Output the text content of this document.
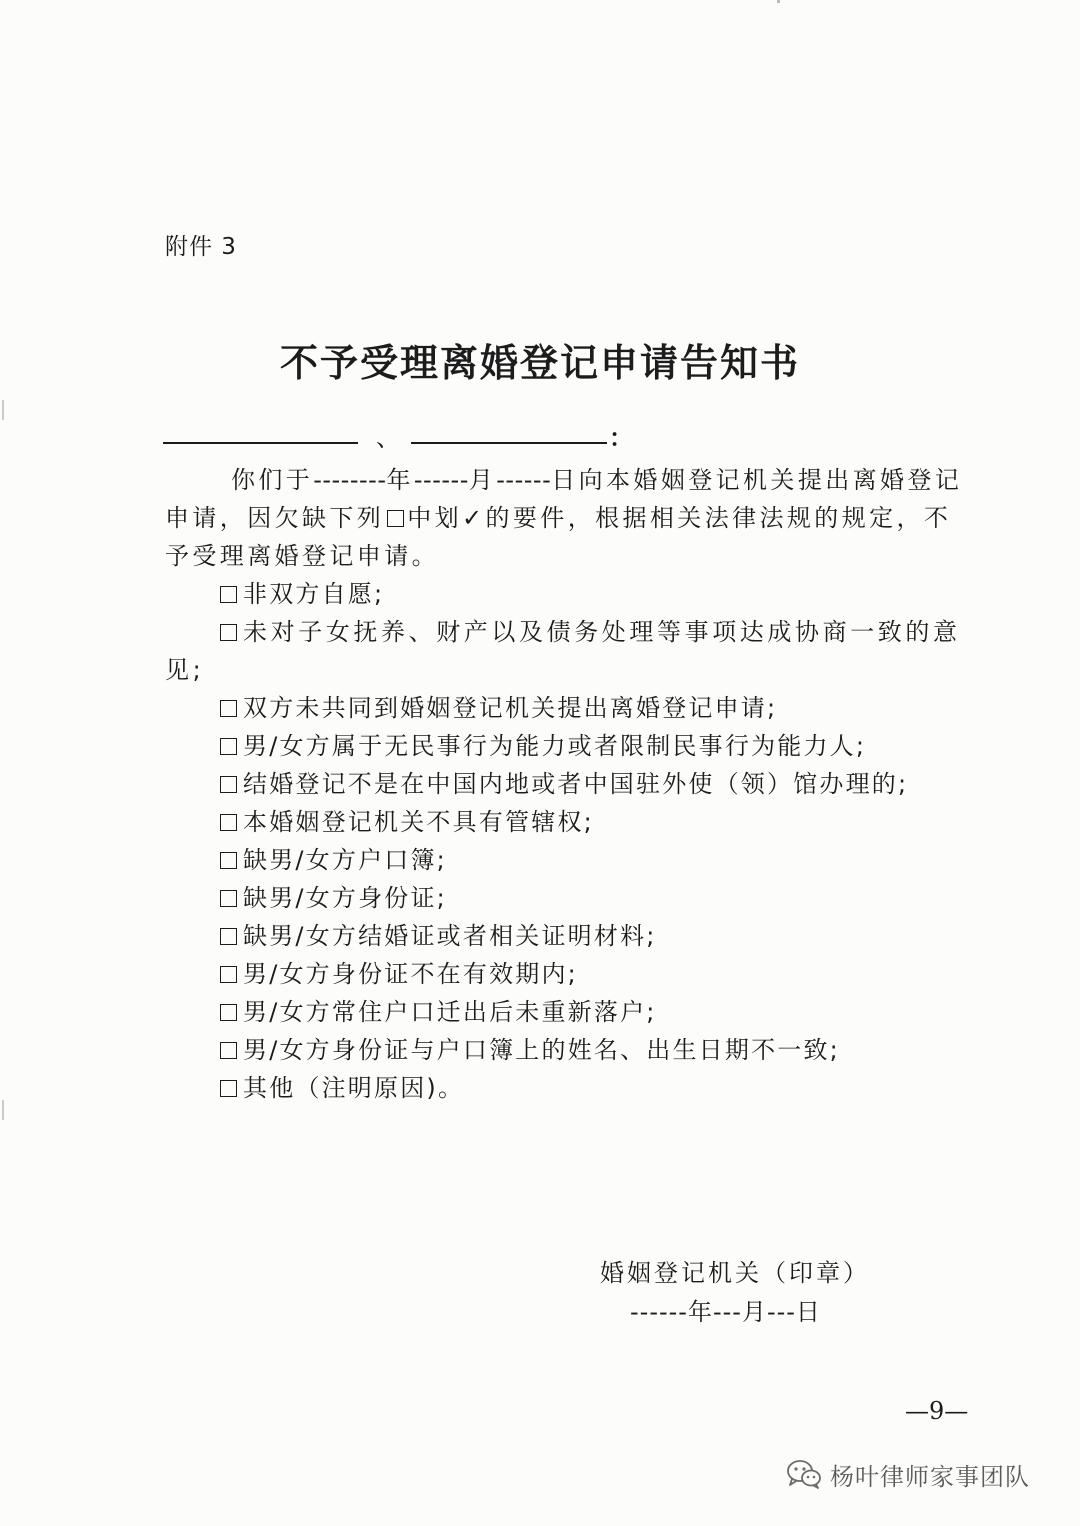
附件 3
不予受理离婚登记申请告知书
、	：
你们于--------年------月------日向本婚姻登记机关提出离婚登记申请，因欠缺下列 中划✓的要件，根据相关法律法规的规定，不予受理离婚登记申请。
非双方自愿;
未对子女抚养、财产以及债务处理等事项达成协商一致的意见;
双方未共同到婚姻登记机关提出离婚登记申请;
男/女方属于无民事行为能力或者限制民事行为能力人;
结婚登记不是在中国内地或者中国驻外使（领）馆办理的;
本婚姻登记机关不具有管辖权;
缺男/女方户口簿;
缺男/女方身份证;
缺男/女方结婚证或者相关证明材料;
男/女方身份证不在有效期内;
男/女方常住户口迁出后未重新落户;
男/女方身份证与户口簿上的姓名、出生日期不一致;
其他（注明原因)。
婚姻登记机关（印章）
------年---月---日
—9—
杨叶律师家事团队
